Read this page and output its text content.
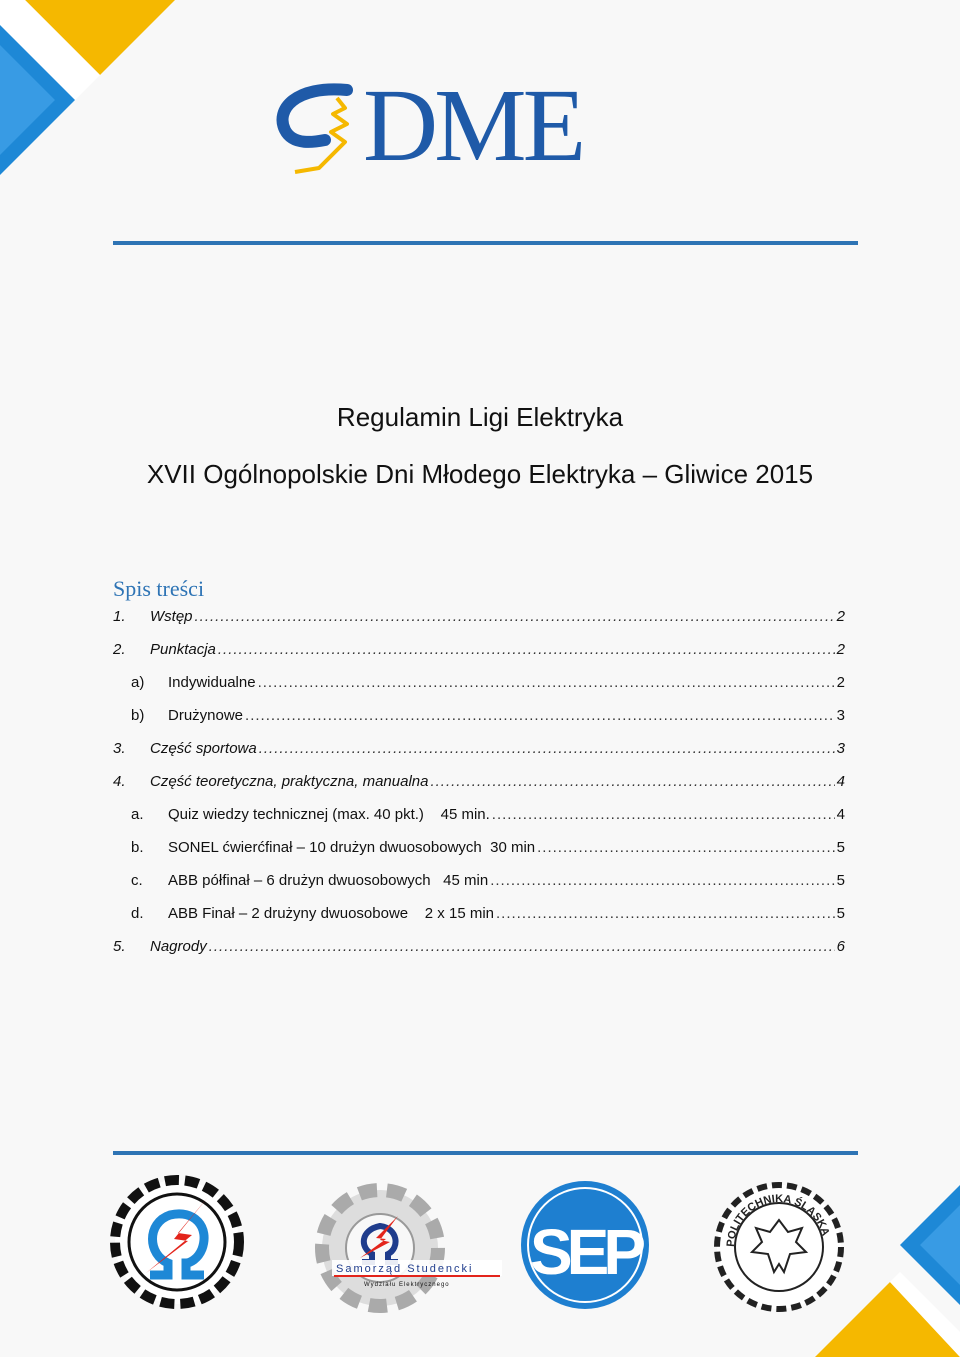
DME
Regulamin Ligi Elektryka
XVII Ogólnopolskie Dni Młodego Elektryka – Gliwice 2015
Spis treści
1.	Wstęp .....	2
2.	Punktacja .....	2
a)	Indywidualne .....	2
b)	Drużynowe .....	3
3.	Część sportowa .....	3
4.	Część teoretyczna, praktyczna, manualna .....	4
a.	Quiz wiedzy technicznej (max. 40 pkt.)    45 min. .....	4
b.	SONEL ćwierćfinał – 10 drużyn dwuosobowych  30 min .....	5
c.	ABB półfinał – 6 drużyn dwuosobowych   45 min .....	5
d.	ABB Finał – 2 drużyny dwuosobowe    2 x 15 min .....	5
5.	Nagrody .....	6
Samorząd Studencki
Wydziału Elektrycznego SEP	POLITECHNIKA ŚLĄSKA
